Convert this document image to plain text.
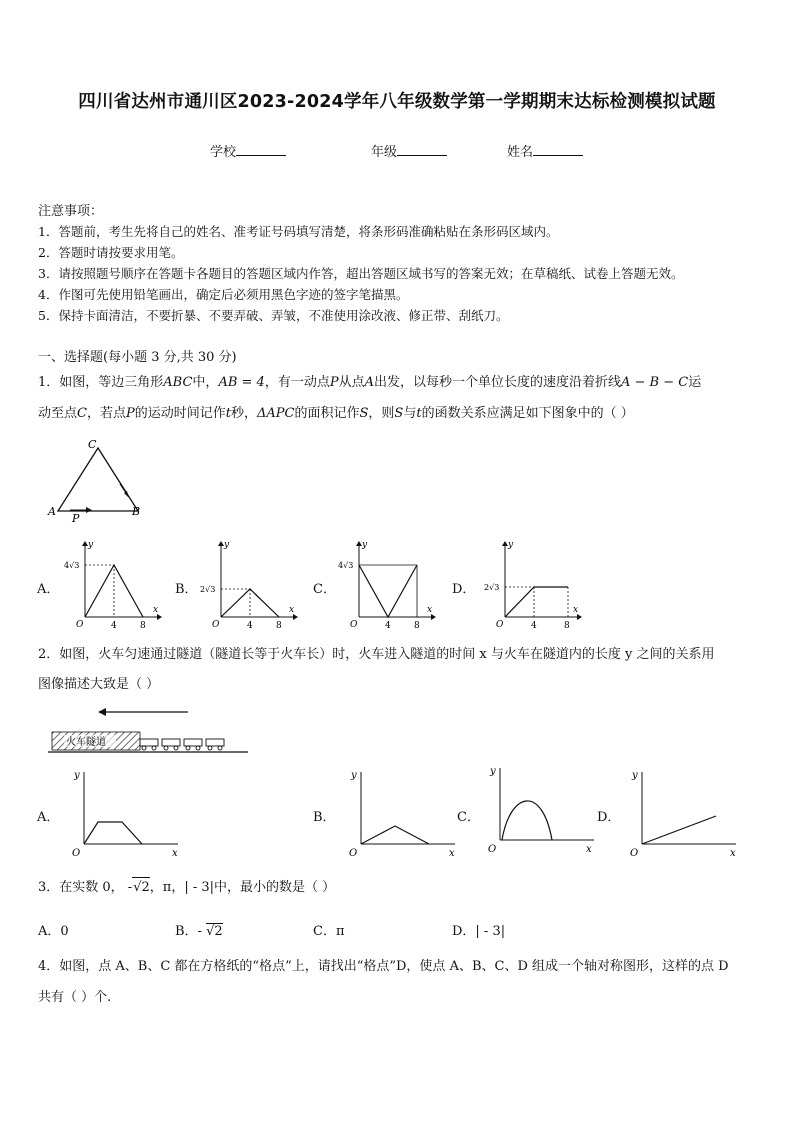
四川省达州市通川区2023-2024学年八年级数学第一学期期末达标检测模拟试题
学校	年级	姓名
注意事项：
1．答题前，考生先将自己的姓名、准考证号码填写清楚，将条形码准确粘贴在条形码区域内。
2．答题时请按要求用笔。
3．请按照题号顺序在答题卡各题目的答题区域内作答，超出答题区域书写的答案无效；在草稿纸、试卷上答题无效。
4．作图可先使用铅笔画出，确定后必须用黑色字迹的签字笔描黑。
5．保持卡面清洁，不要折暴、不要弄破、弄皱，不准使用涂改液、修正带、刮纸刀。
一、选择题(每小题 3 分,共 30 分)
1．如图，等边三角形ABC中，AB = 4，有一动点P从点A出发，以每秒一个单位长度的速度沿着折线A − B − C运
动至点C，若点P的运动时间记作t秒，ΔAPC的面积记作S，则S与t的函数关系应满足如下图象中的（ ）
C
A	B
P
A．	B．	C．	D．
y
x
O	4	8
4√3
y
x
O	4	8
2√3
y
x
O	4	8
4√3
y
x
O	4	8
2√3
2．如图，火车匀速通过隧道（隧道长等于火车长）时，火车进入隧道的时间 x 与火车在隧道内的长度 y 之间的关系用
图像描述大致是（ ）
火车隧道
A．	B．	C．	D．
y
x
O
y
x
O
y
x
O
y
x
O
3．在实数 0， -√2，π，| - 3|中，最小的数是（ ）
A．0	B．- √2	C．π	D．| - 3|
4．如图，点 A、B、C 都在方格纸的“格点”上，请找出“格点”D，使点 A、B、C、D 组成一个轴对称图形，这样的点 D
共有（ ）个.
